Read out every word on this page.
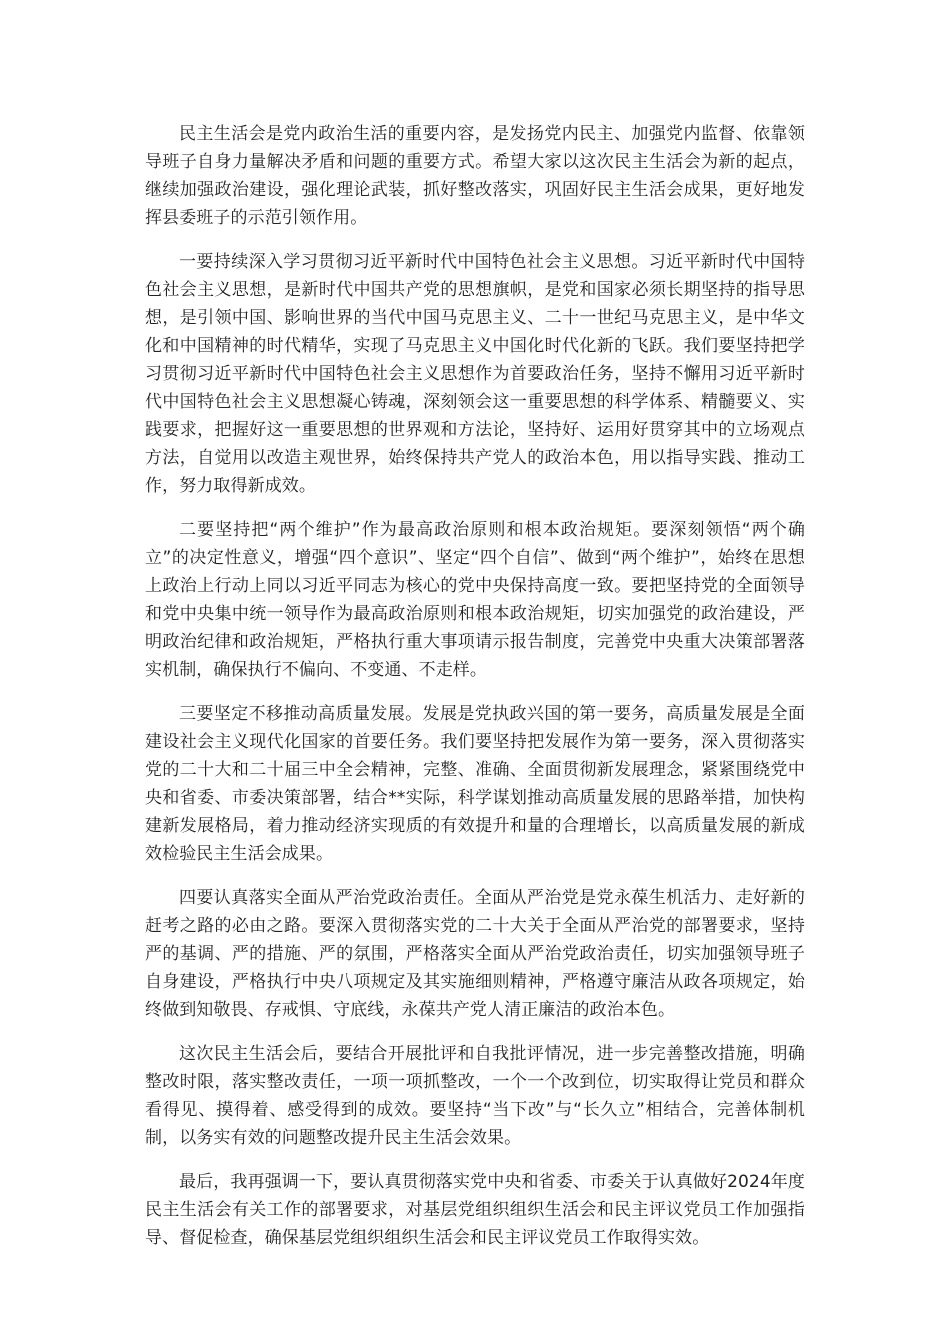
民主生活会是党内政治生活的重要内容，是发扬党内民主、加强党内监督、依靠领导班子自身力量解决矛盾和问题的重要方式。希望大家以这次民主生活会为新的起点，继续加强政治建设，强化理论武装，抓好整改落实，巩固好民主生活会成果，更好地发挥县委班子的示范引领作用。

一要持续深入学习贯彻习近平新时代中国特色社会主义思想。习近平新时代中国特色社会主义思想，是新时代中国共产党的思想旗帜，是党和国家必须长期坚持的指导思想，是引领中国、影响世界的当代中国马克思主义、二十一世纪马克思主义，是中华文化和中国精神的时代精华，实现了马克思主义中国化时代化新的飞跃。我们要坚持把学习贯彻习近平新时代中国特色社会主义思想作为首要政治任务，坚持不懈用习近平新时代中国特色社会主义思想凝心铸魂，深刻领会这一重要思想的科学体系、精髓要义、实践要求，把握好这一重要思想的世界观和方法论，坚持好、运用好贯穿其中的立场观点方法，自觉用以改造主观世界，始终保持共产党人的政治本色，用以指导实践、推动工作，努力取得新成效。

二要坚持把“两个维护”作为最高政治原则和根本政治规矩。要深刻领悟“两个确立”的决定性意义，增强“四个意识”、坚定“四个自信”、做到“两个维护”，始终在思想上政治上行动上同以习近平同志为核心的党中央保持高度一致。要把坚持党的全面领导和党中央集中统一领导作为最高政治原则和根本政治规矩，切实加强党的政治建设，严明政治纪律和政治规矩，严格执行重大事项请示报告制度，完善党中央重大决策部署落实机制，确保执行不偏向、不变通、不走样。

三要坚定不移推动高质量发展。发展是党执政兴国的第一要务，高质量发展是全面建设社会主义现代化国家的首要任务。我们要坚持把发展作为第一要务，深入贯彻落实党的二十大和二十届三中全会精神，完整、准确、全面贯彻新发展理念，紧紧围绕党中央和省委、市委决策部署，结合**实际，科学谋划推动高质量发展的思路举措，加快构建新发展格局，着力推动经济实现质的有效提升和量的合理增长，以高质量发展的新成效检验民主生活会成果。

四要认真落实全面从严治党政治责任。全面从严治党是党永葆生机活力、走好新的赶考之路的必由之路。要深入贯彻落实党的二十大关于全面从严治党的部署要求，坚持严的基调、严的措施、严的氛围，严格落实全面从严治党政治责任，切实加强领导班子自身建设，严格执行中央八项规定及其实施细则精神，严格遵守廉洁从政各项规定，始终做到知敬畏、存戒惧、守底线，永葆共产党人清正廉洁的政治本色。

这次民主生活会后，要结合开展批评和自我批评情况，进一步完善整改措施，明确整改时限，落实整改责任，一项一项抓整改，一个一个改到位，切实取得让党员和群众看得见、摸得着、感受得到的成效。要坚持“当下改”与“长久立”相结合，完善体制机制，以务实有效的问题整改提升民主生活会效果。

最后，我再强调一下，要认真贯彻落实党中央和省委、市委关于认真做好2024年度民主生活会有关工作的部署要求，对基层党组织组织生活会和民主评议党员工作加强指导、督促检查，确保基层党组织组织生活会和民主评议党员工作取得实效。
